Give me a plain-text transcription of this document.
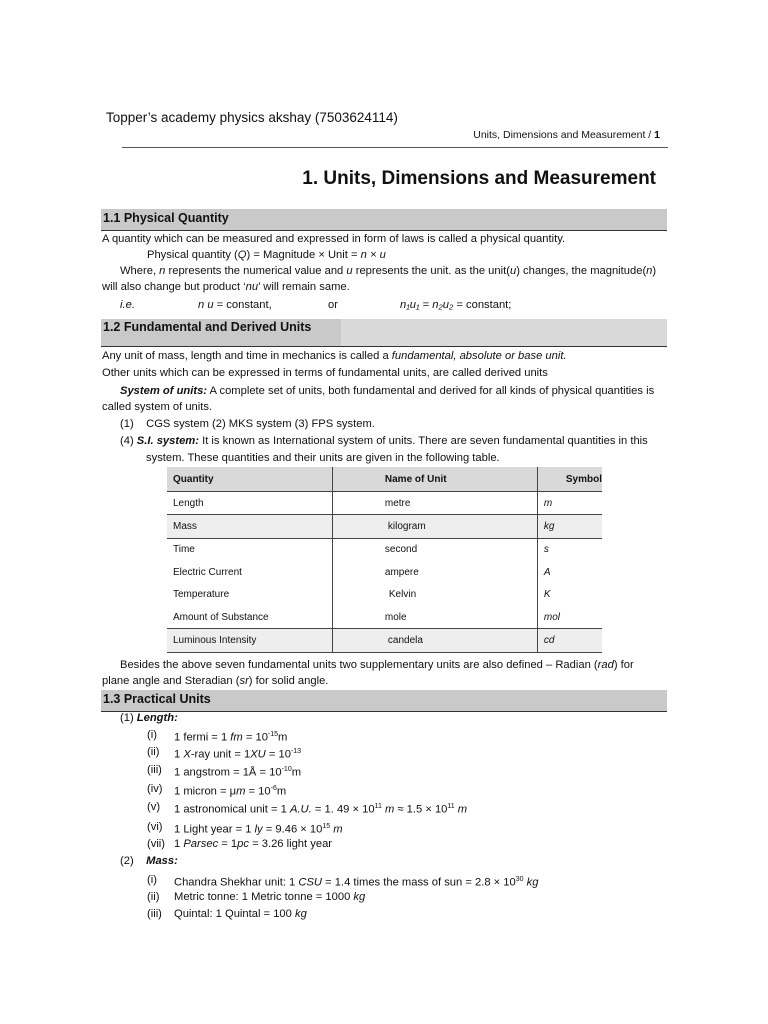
Topper’s academy physics akshay (7503624114)
Units, Dimensions and Measurement / 1
1. Units, Dimensions and Measurement
1.1 Physical Quantity
A quantity which can be measured and expressed in form of laws is called a physical quantity.
Physical quantity (Q) = Magnitude × Unit = n × u
Where, n represents the numerical value and u represents the unit. as the unit(u) changes, the magnitude(n)
will also change but product ‘nu’ will remain same.
i.e.	n u = constant,	or	n₁u₁ = n₂u₂ = constant;
1.2 Fundamental and Derived Units
Any unit of mass, length and time in mechanics is called a fundamental, absolute or base unit.
Other units which can be expressed in terms of fundamental units, are called derived units
System of units: A complete set of units, both fundamental and derived for all kinds of physical quantities is
called system of units.
(1) CGS system (2) MKS system (3) FPS system.
(4) S.I. system: It is known as International system of units. There are seven fundamental quantities in this
system. These quantities and their units are given in the following table.
Quantity	Name of Unit	Symbol
Length	metre	m
Mass	kilogram	kg
Time	second	s
Electric Current	ampere	A
Temperature	Kelvin	K
Amount of Substance	mole	mol
Luminous Intensity	candela	cd
Besides the above seven fundamental units two supplementary units are also defined – Radian (rad) for
plane angle and Steradian (sr) for solid angle.
1.3 Practical Units
(1) Length:
(i) 1 fermi = 1 fm = $10^{-15}m$
(ii) 1 X-ray unit = $1XU = 10^{-13}$
(iii) 1 angstrom = 1Å = $10^{-10}m$
(iv) 1 micron = $\mu m = 10^{-6}m$
(v) 1 astronomical unit = 1 A.U. = 1. $49 \times 10^{11}$ $m \approx 1.5 \times 10^{11}$ m
(vi) 1 Light year = 1 ly = $9.46 \times 10^{15}$ m
(vii) 1 Parsec = 1pc = 3.26 light year
(2) Mass:
(i) Chandra Shekhar unit: 1 CSU = 1.4 times the mass of sun = $2.8 \times 10^{30}$ kg
(ii) Metric tonne: 1 Metric tonne = 1000 kg
(iii) Quintal: 1 Quintal = 100 kg
